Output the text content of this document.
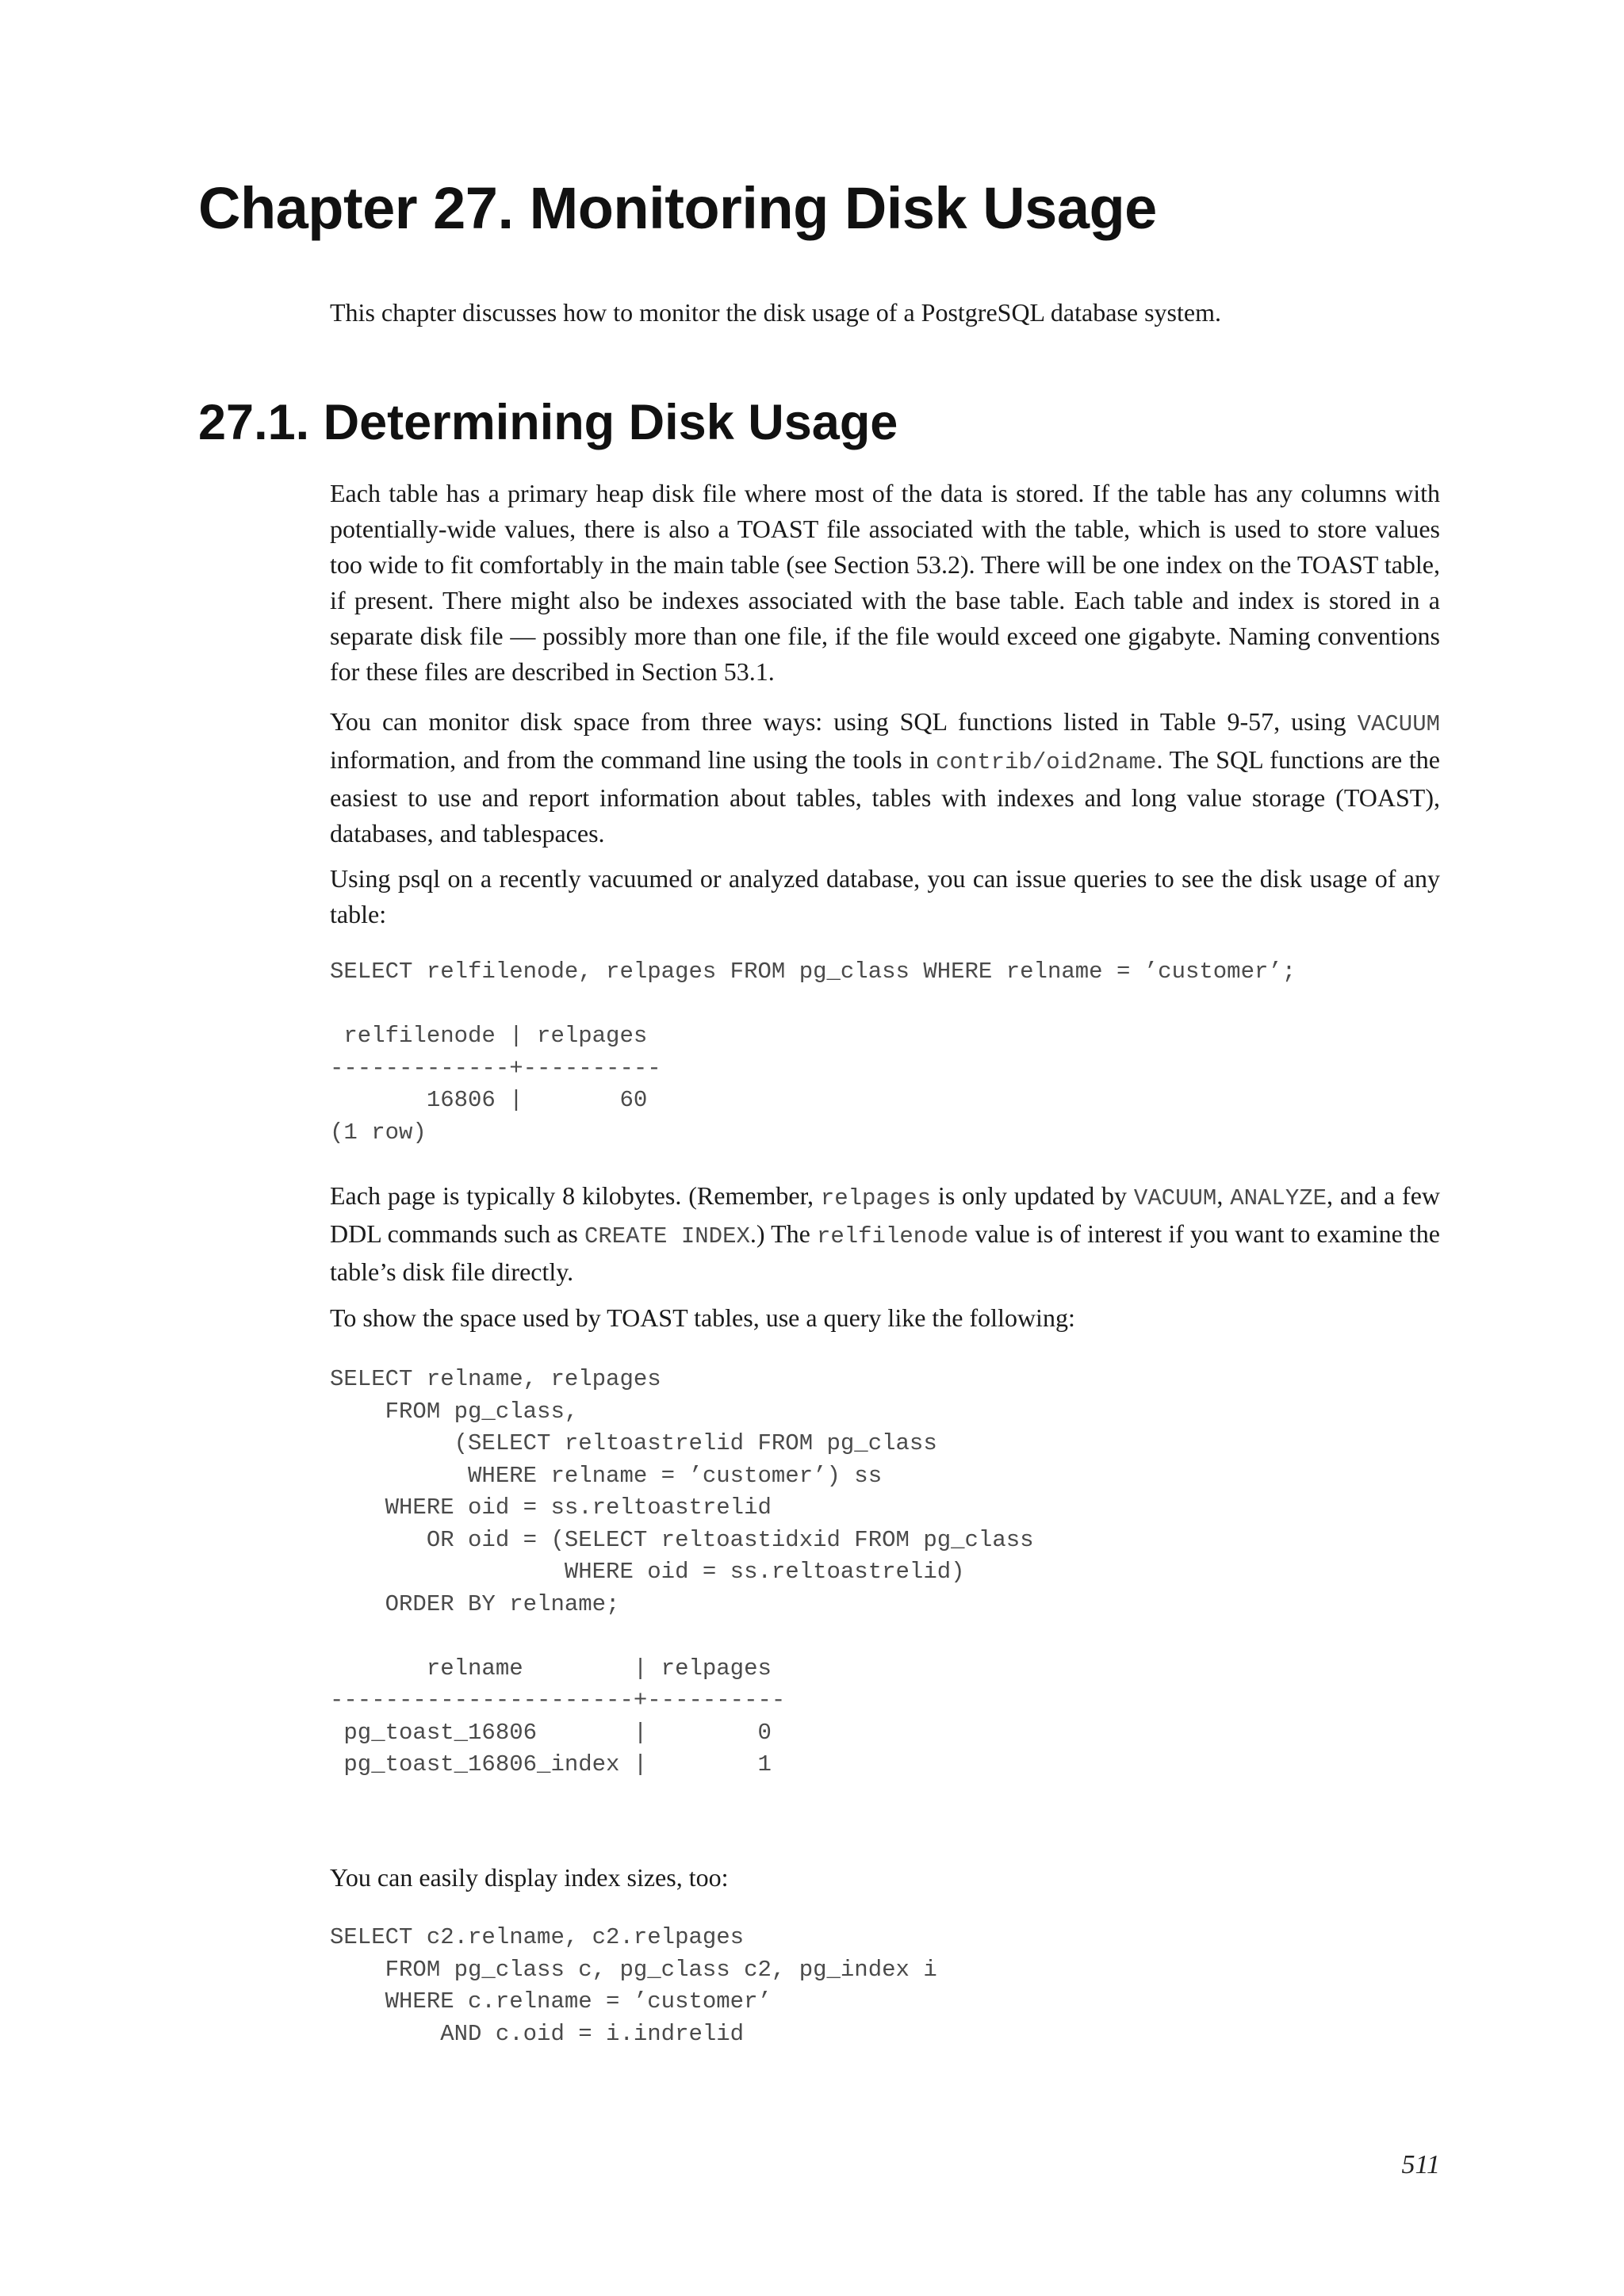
Chapter 27. Monitoring Disk Usage

This chapter discusses how to monitor the disk usage of a PostgreSQL database system.

27.1. Determining Disk Usage

Each table has a primary heap disk file where most of the data is stored. If the table has any columns with potentially-wide values, there is also a TOAST file associated with the table, which is used to store values too wide to fit comfortably in the main table (see Section 53.2). There will be one index on the TOAST table, if present. There might also be indexes associated with the base table. Each table and index is stored in a separate disk file — possibly more than one file, if the file would exceed one gigabyte. Naming conventions for these files are described in Section 53.1.

You can monitor disk space from three ways: using SQL functions listed in Table 9-57, using VACUUM information, and from the command line using the tools in contrib/oid2name. The SQL functions are the easiest to use and report information about tables, tables with indexes and long value storage (TOAST), databases, and tablespaces.

Using psql on a recently vacuumed or analyzed database, you can issue queries to see the disk usage of any table:

SELECT relfilenode, relpages FROM pg_class WHERE relname = ’customer’;

relfilenode | relpages
-------------+----------
16806 |       60
(1 row)

Each page is typically 8 kilobytes. (Remember, relpages is only updated by VACUUM, ANALYZE, and a few DDL commands such as CREATE INDEX.) The relfilenode value is of interest if you want to examine the table’s disk file directly.

To show the space used by TOAST tables, use a query like the following:

SELECT relname, relpages
FROM pg_class,
(SELECT reltoastrelid FROM pg_class
WHERE relname = ’customer’) ss
WHERE oid = ss.reltoastrelid
OR oid = (SELECT reltoastidxid FROM pg_class
WHERE oid = ss.reltoastrelid)
ORDER BY relname;

relname        | relpages
----------------------+----------
pg_toast_16806       |        0
pg_toast_16806_index |        1

You can easily display index sizes, too:

SELECT c2.relname, c2.relpages
FROM pg_class c, pg_class c2, pg_index i
WHERE c.relname = ’customer’
AND c.oid = i.indrelid
511
